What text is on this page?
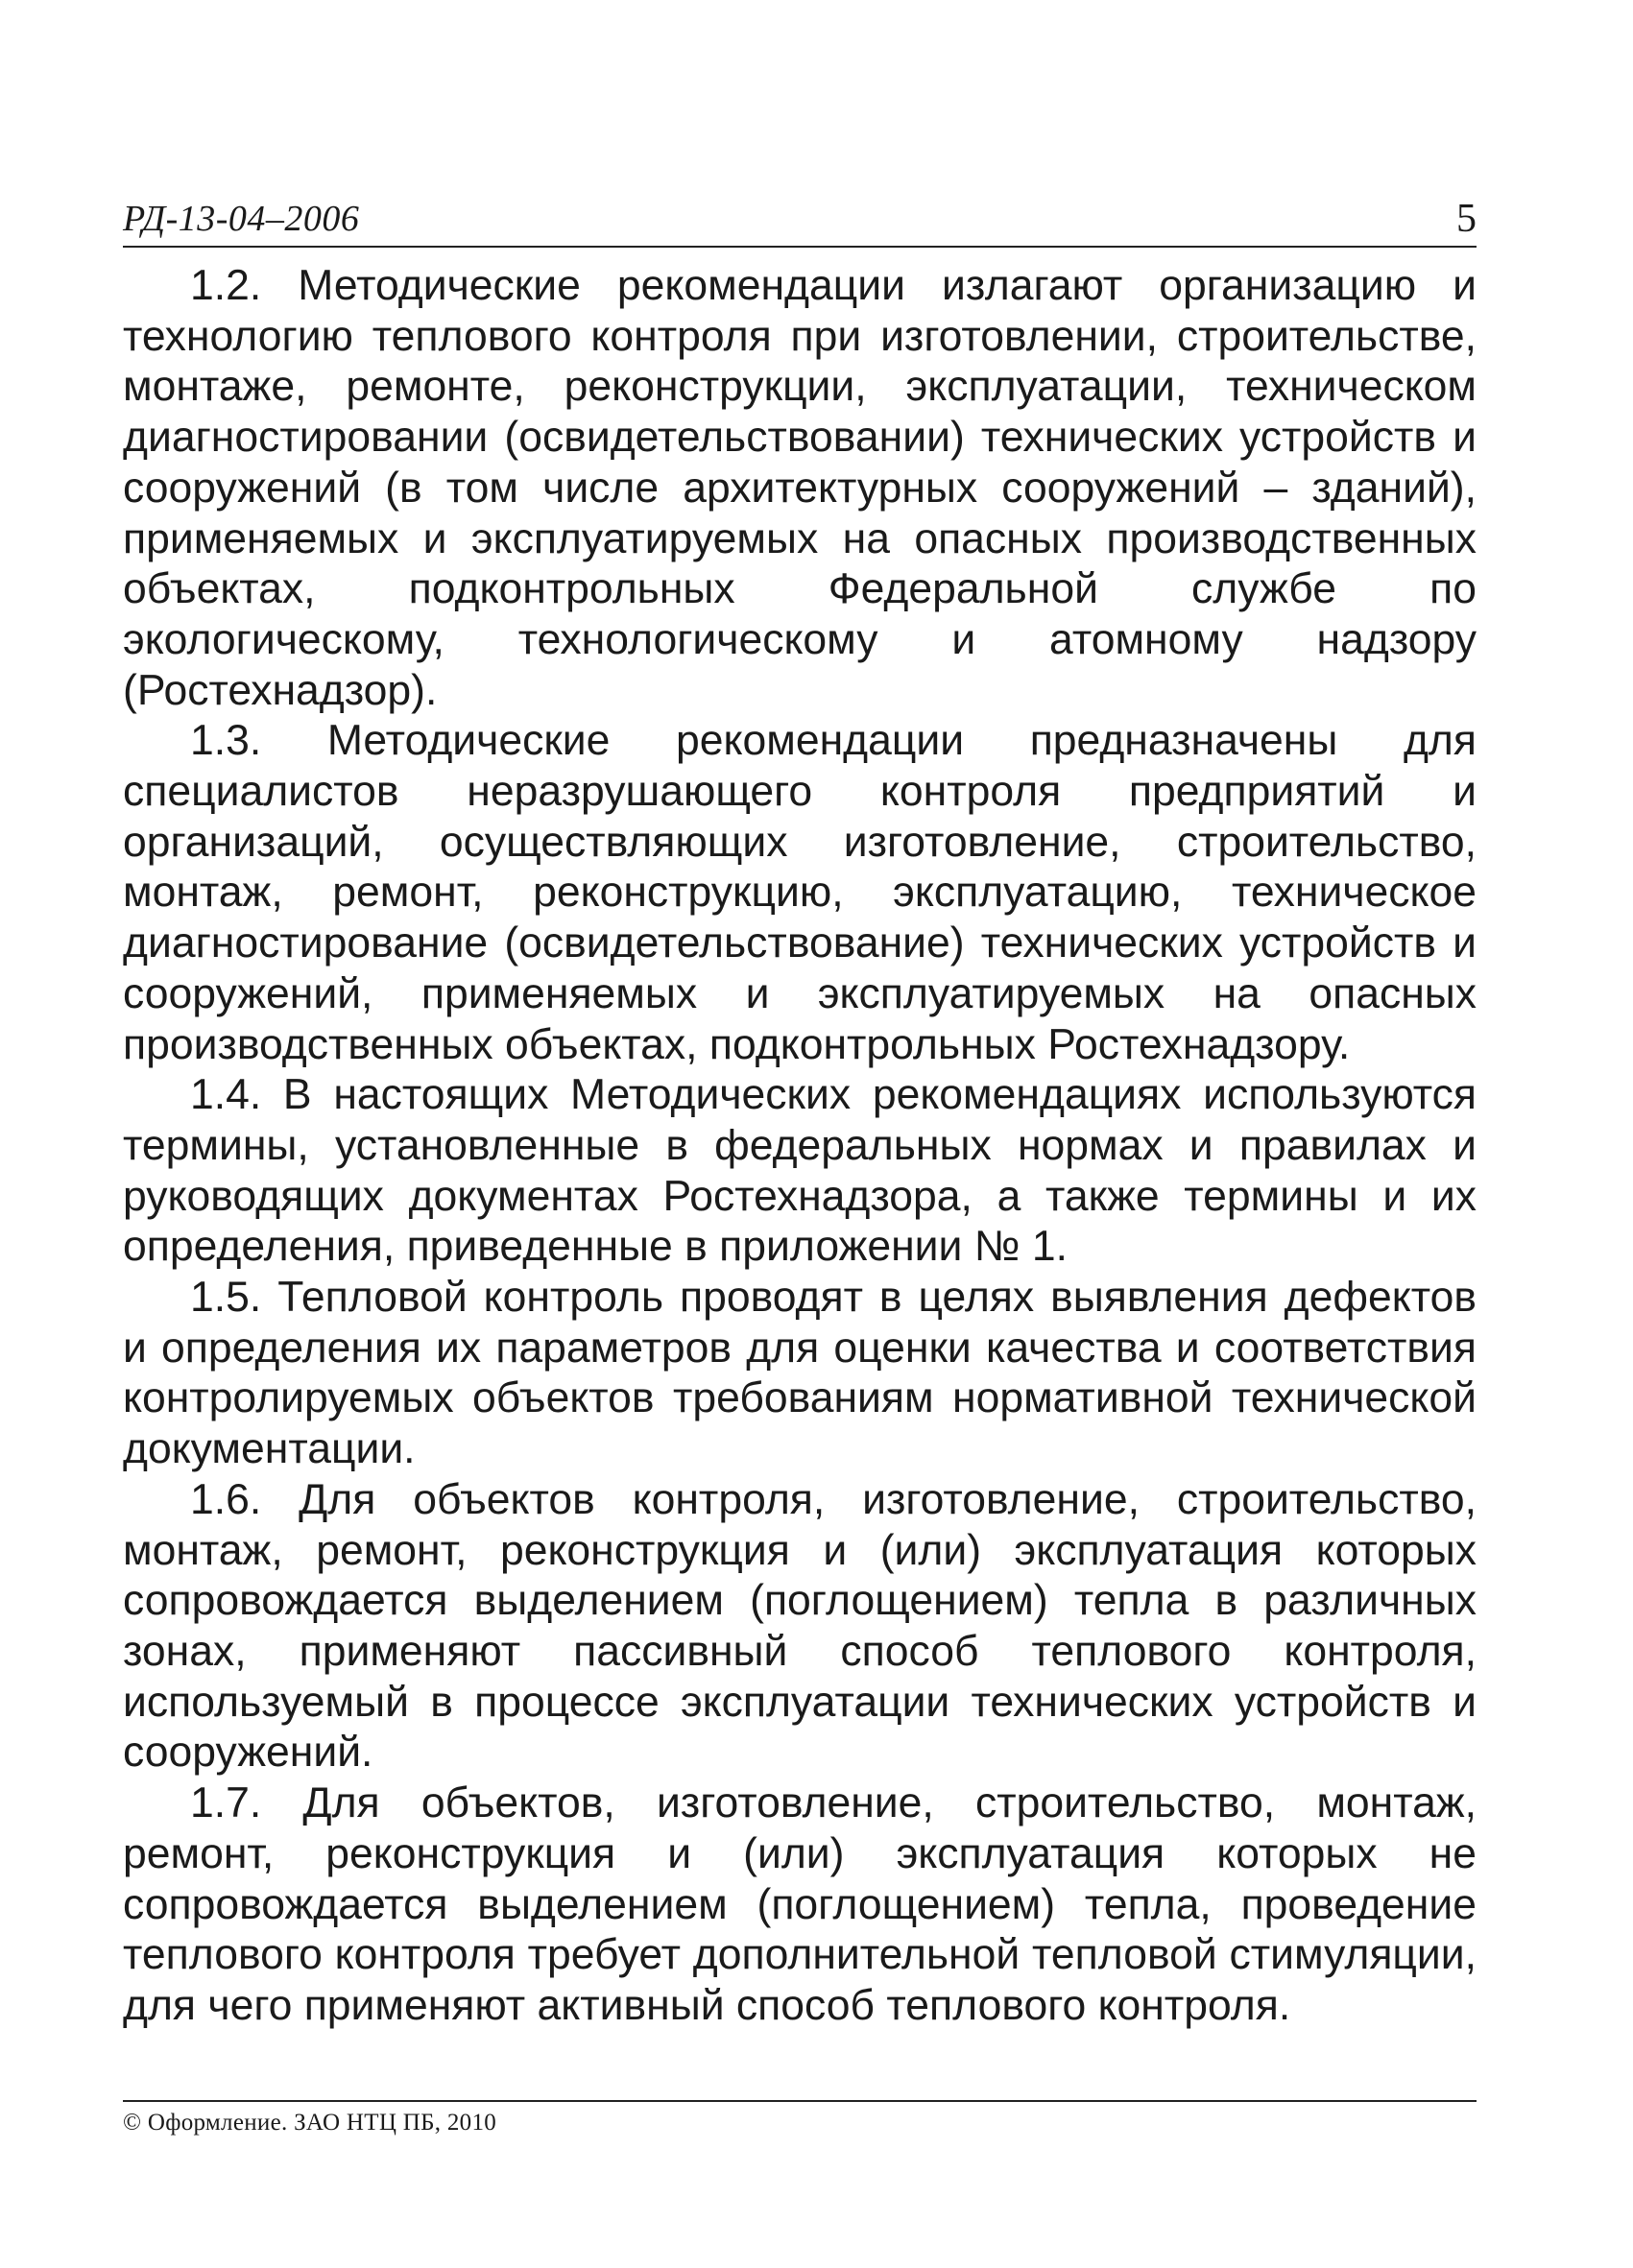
РД-13-04–2006	5

1.2. Методические рекомендации излагают организацию и технологию теплового контроля при изготовлении, строительстве, монтаже, ремонте, реконструкции, эксплуатации, техническом диагностировании (освидетельствовании) технических устройств и сооружений (в том числе архитектурных сооружений – зданий), применяемых и эксплуатируемых на опасных производственных объектах, подконтрольных Федеральной службе по экологическому, технологическому и атомному надзору (Ростехнадзор).

1.3. Методические рекомендации предназначены для специалистов неразрушающего контроля предприятий и организаций, осуществляющих изготовление, строительство, монтаж, ремонт, реконструкцию, эксплуатацию, техническое диагностирование (освидетельствование) технических устройств и сооружений, применяемых и эксплуатируемых на опасных производственных объектах, подконтрольных Ростехнадзору.

1.4. В настоящих Методических рекомендациях используются термины, установленные в федеральных нормах и правилах и руководящих документах Ростехнадзора, а также термины и их определения, приведенные в приложении № 1.

1.5. Тепловой контроль проводят в целях выявления дефектов и определения их параметров для оценки качества и соответствия контролируемых объектов требованиям нормативной технической документации.

1.6. Для объектов контроля, изготовление, строительство, монтаж, ремонт, реконструкция и (или) эксплуатация которых сопровождается выделением (поглощением) тепла в различных зонах, применяют пассивный способ теплового контроля, используемый в процессе эксплуатации технических устройств и сооружений.

1.7. Для объектов, изготовление, строительство, монтаж, ремонт, реконструкция и (или) эксплуатация которых не сопровождается выделением (поглощением) тепла, проведение теплового контроля требует дополнительной тепловой стимуляции, для чего применяют активный способ теплового контроля.

© Оформление. ЗАО НТЦ ПБ, 2010
